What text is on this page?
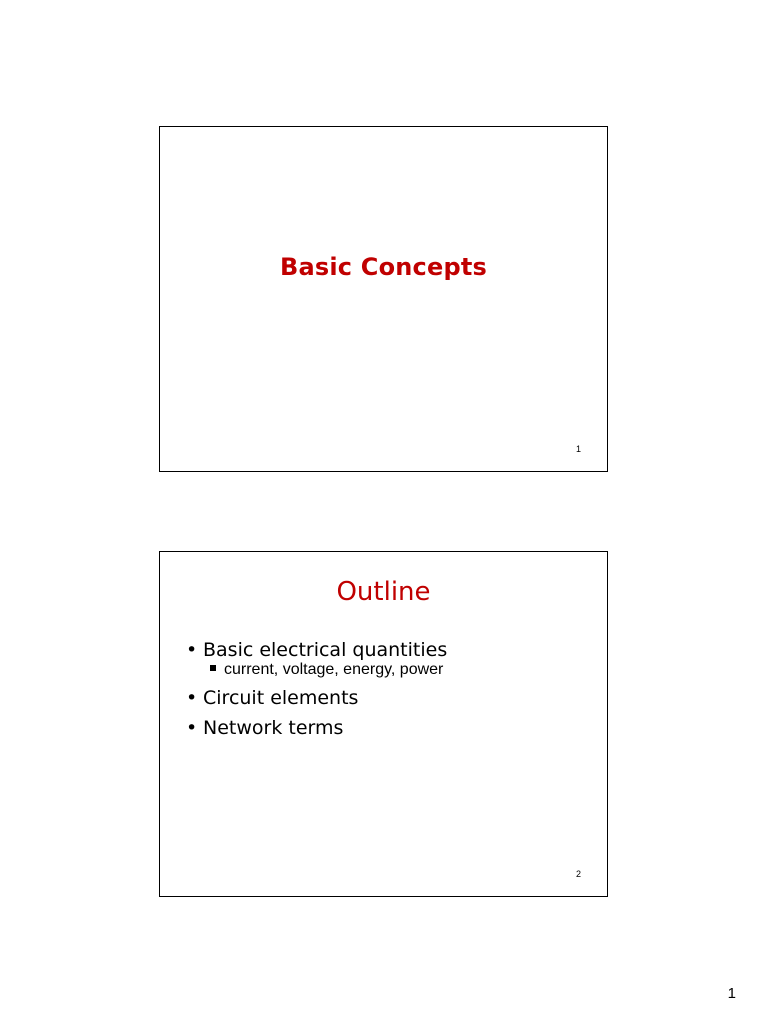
Basic Concepts
1
Outline
• Basic electrical quantities
current, voltage, energy, power
• Circuit elements
• Network terms
2
1
